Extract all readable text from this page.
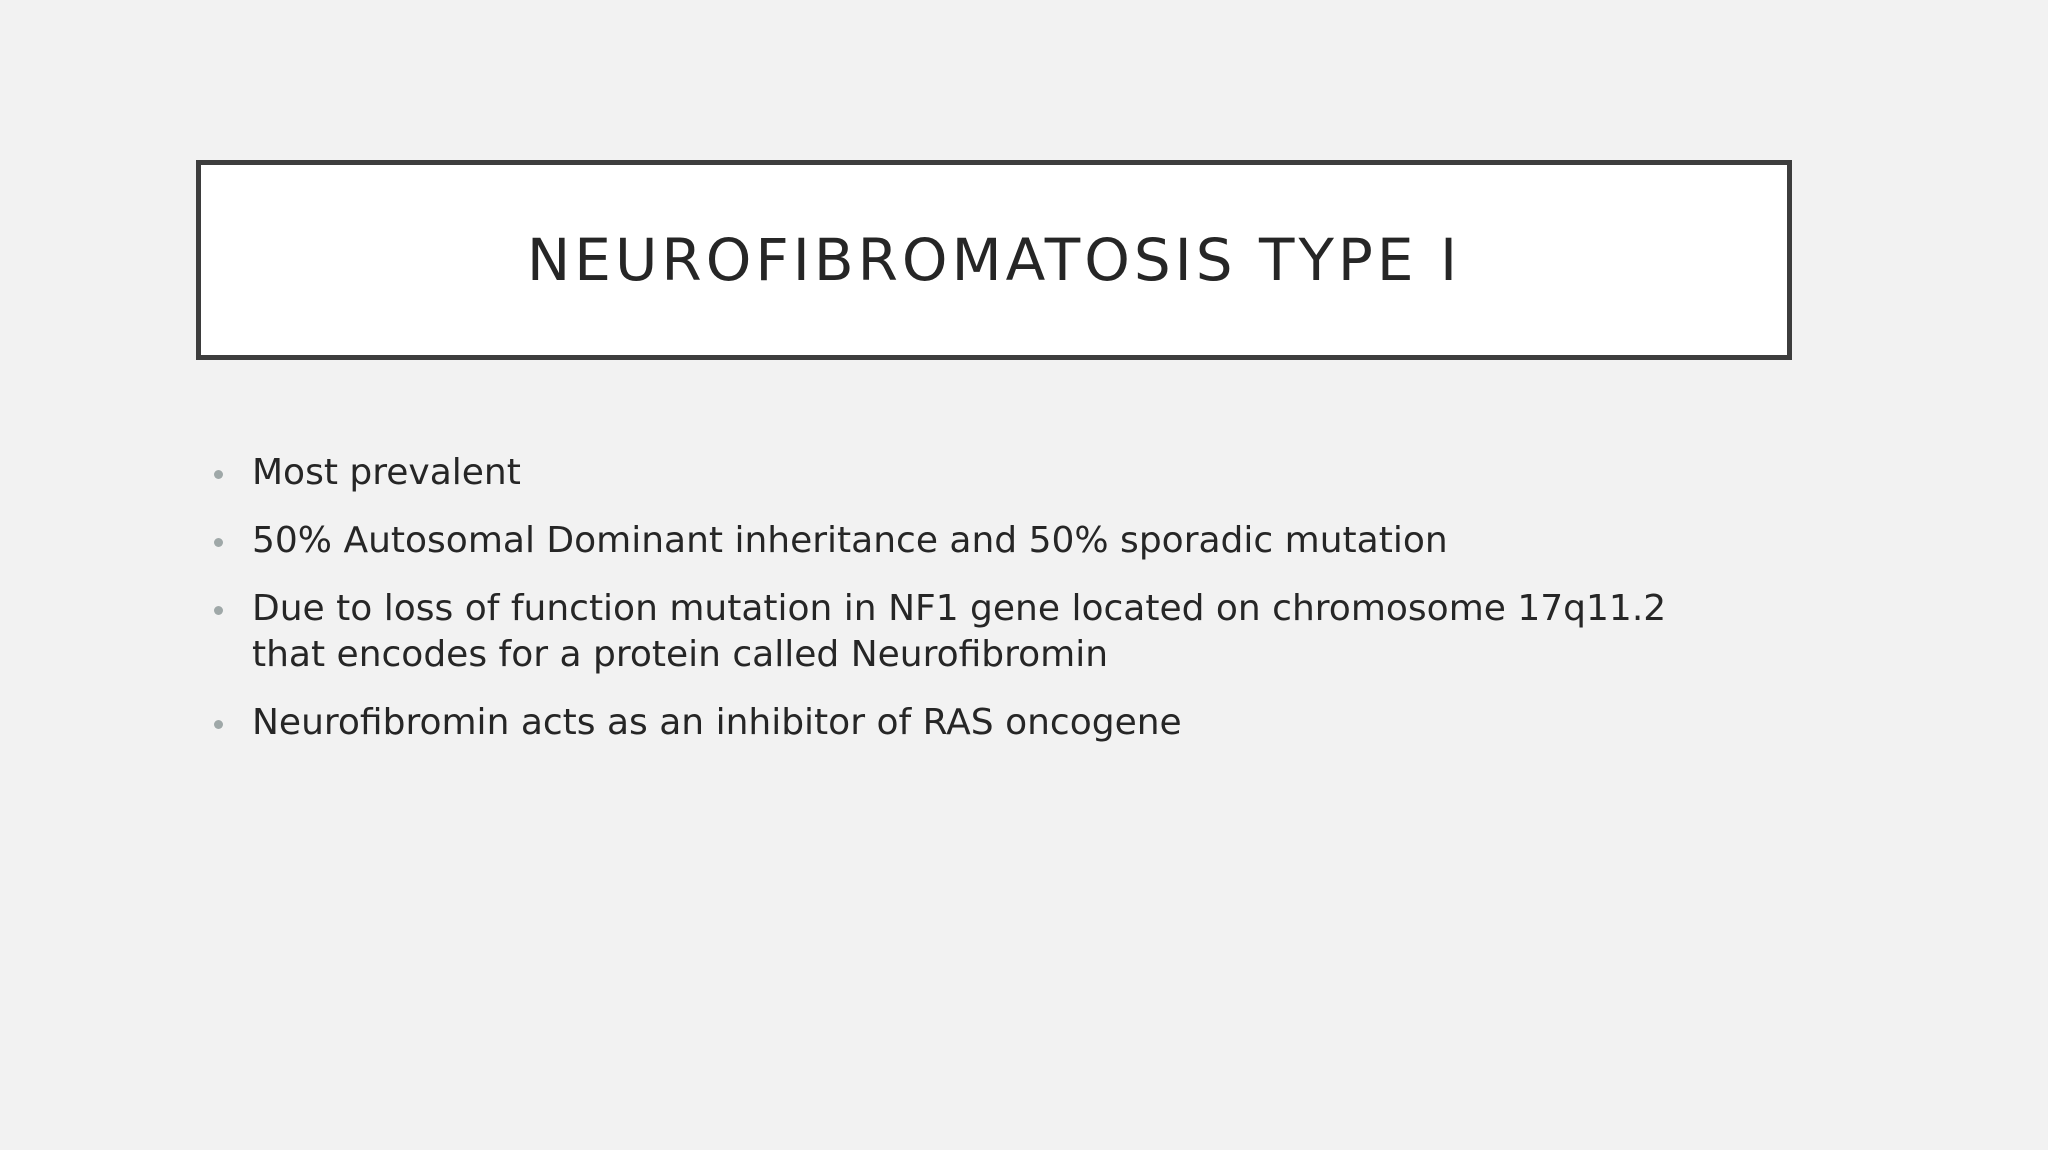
NEUROFIBROMATOSIS TYPE I
Most prevalent
50% Autosomal Dominant inheritance and 50% sporadic mutation
Due to loss of function mutation in NF1 gene located on chromosome 17q11.2 that encodes for a protein called Neurofibromin
Neurofibromin acts as an inhibitor of RAS oncogene
